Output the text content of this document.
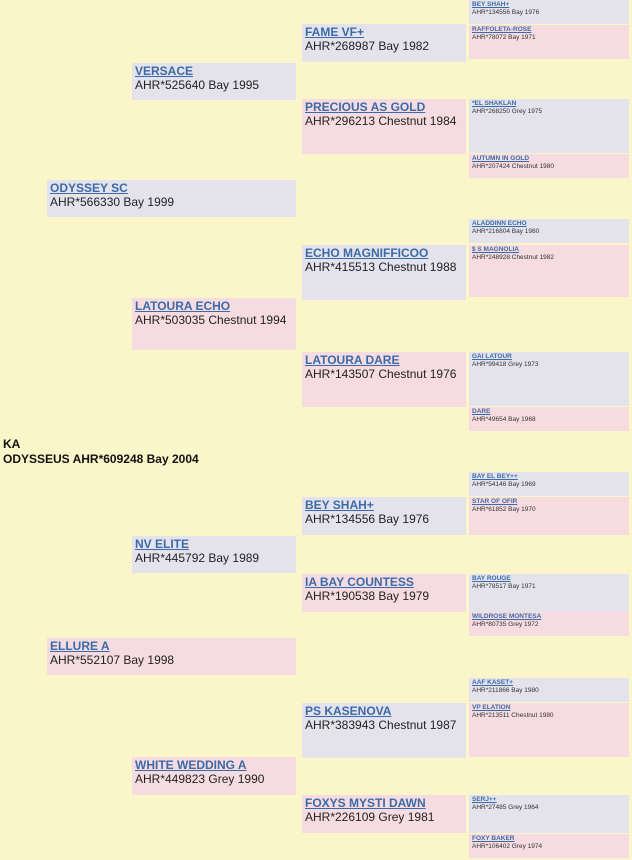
KA
ODYSSEUS AHR*609248 Bay 2004
ODYSSEY SC
AHR*566330 Bay 1999
ELLURE A
AHR*552107 Bay 1998
VERSACE
AHR*525640 Bay 1995
LATOURA ECHO
AHR*503035 Chestnut 1994
NV ELITE
AHR*445792 Bay 1989
WHITE WEDDING A
AHR*449823 Grey 1990
FAME VF+
AHR*268987 Bay 1982
PRECIOUS AS GOLD
AHR*296213 Chestnut 1984
ECHO MAGNIFFICOO
AHR*415513 Chestnut 1988
LATOURA DARE
AHR*143507 Chestnut 1976
BEY SHAH+
AHR*134556 Bay 1976
IA BAY COUNTESS
AHR*190538 Bay 1979
PS KASENOVA
AHR*383943 Chestnut 1987
FOXYS MYSTI DAWN
AHR*226109 Grey 1981
BEY SHAH+
AHR*134556 Bay 1976
RAFFOLETA-ROSE
AHR*78072 Bay 1971
*EL SHAKLAN
AHR*268250 Grey 1975
AUTUMN IN GOLD
AHR*207424 Chestnut 1980
ALADDINN ECHO
AHR*216804 Bay 1980
$ S MAGNOLIA
AHR*248928 Chestnut 1982
GAI LATOUR
AHR*99418 Grey 1973
DARE
AHR*49654 Bay 1968
BAY EL BEY++
AHR*54146 Bay 1969
STAR OF OFIR
AHR*61852 Bay 1970
BAY ROUGE
AHR*78517 Bay 1971
WILDROSE MONTESA
AHR*80735 Grey 1972
AAF KASET+
AHR*211866 Bay 1980
VP ELATION
AHR*213511 Chestnut 1980
SERJ++
AHR*27485 Grey 1964
FOXY BAKER
AHR*106402 Grey 1974
